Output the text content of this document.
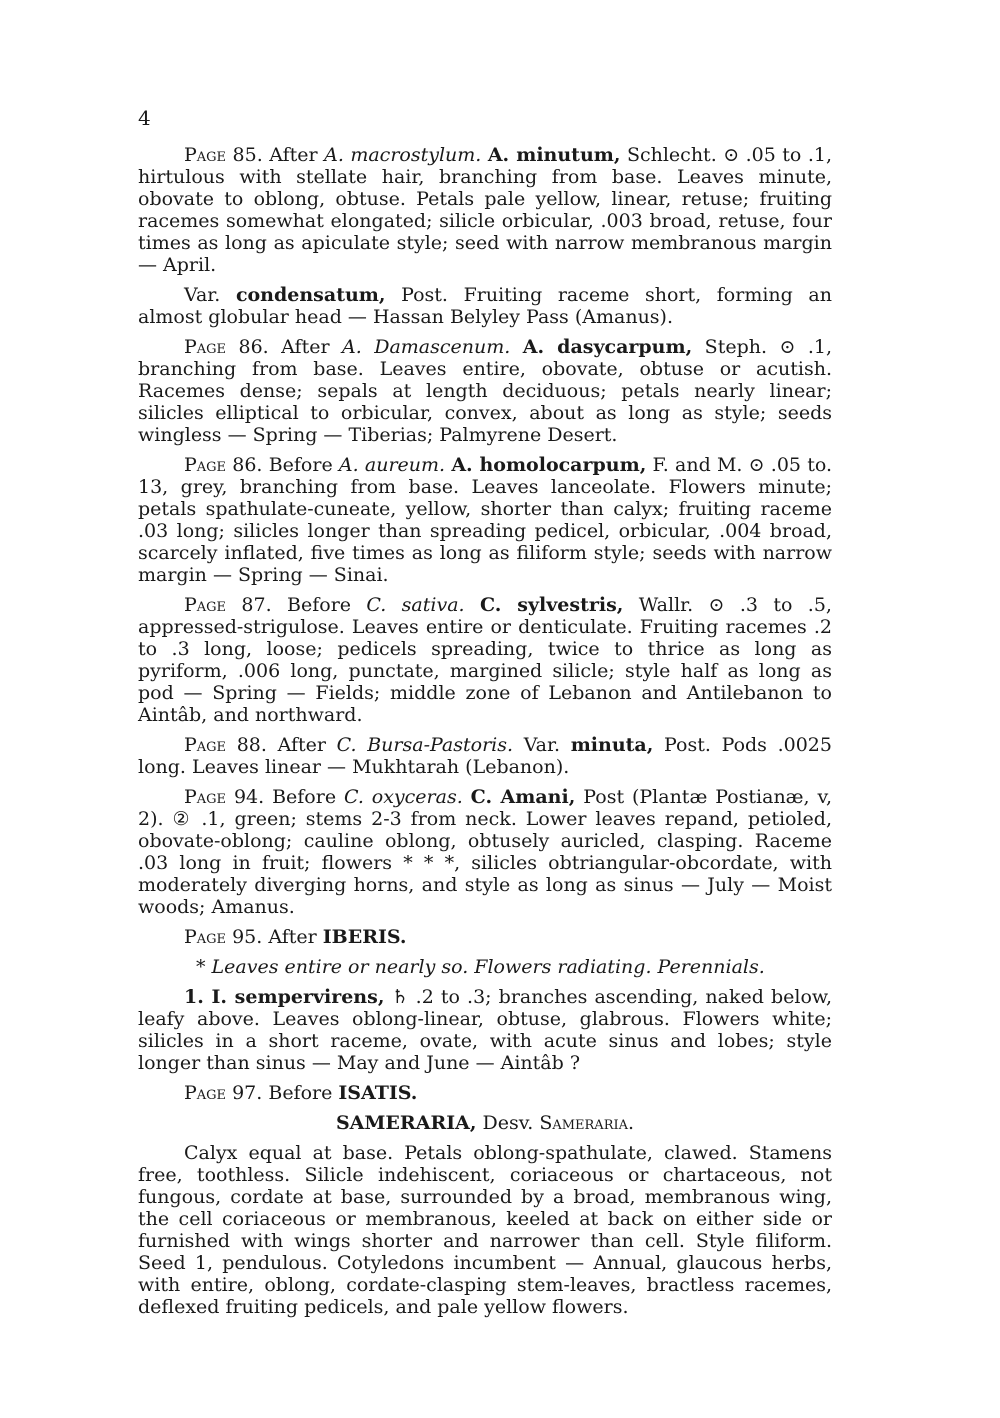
4

Page 85. After A. macrostylum. A. minutum, Schlecht. ⊙ .05 to .1, hirtulous with stellate hair, branching from base. Leaves minute, obovate to oblong, obtuse. Petals pale yellow, linear, retuse; fruiting racemes somewhat elongated; silicle orbicular, .003 broad, retuse, four times as long as apiculate style; seed with narrow membranous margin — April.

Var. condensatum, Post. Fruiting raceme short, forming an almost globular head — Hassan Belyley Pass (Amanus).

Page 86. After A. Damascenum. A. dasycarpum, Steph. ⊙ .1, branching from base. Leaves entire, obovate, obtuse or acutish. Racemes dense; sepals at length deciduous; petals nearly linear; silicles elliptical to orbicular, convex, about as long as style; seeds wingless — Spring — Tiberias; Palmyrene Desert.

Page 86. Before A. aureum. A. homolocarpum, F. and M. ⊙ .05 to. 13, grey, branching from base. Leaves lanceolate. Flowers minute; petals spathulate-cuneate, yellow, shorter than calyx; fruiting raceme .03 long; silicles longer than spreading pedicel, orbicular, .004 broad, scarcely inflated, five times as long as filiform style; seeds with narrow margin — Spring — Sinai.

Page 87. Before C. sativa. C. sylvestris, Wallr. ⊙ .3 to .5, appressed-strigulose. Leaves entire or denticulate. Fruiting racemes .2 to .3 long, loose; pedicels spreading, twice to thrice as long as pyriform, .006 long, punctate, margined silicle; style half as long as pod — Spring — Fields; middle zone of Lebanon and Antilebanon to Aintâb, and northward.

Page 88. After C. Bursa-Pastoris. Var. minuta, Post. Pods .0025 long. Leaves linear — Mukhtarah (Lebanon).

Page 94. Before C. oxyceras. C. Amani, Post (Plantæ Postianæ, v, 2). ② .1, green; stems 2-3 from neck. Lower leaves repand, petioled, obovate-oblong; cauline oblong, obtusely auricled, clasping. Raceme .03 long in fruit; flowers * * *, silicles obtriangular-obcordate, with moderately diverging horns, and style as long as sinus — July — Moist woods; Amanus.

Page 95. After IBERIS.

* Leaves entire or nearly so. Flowers radiating. Perennials.

1. I. sempervirens, ♄ .2 to .3; branches ascending, naked below, leafy above. Leaves oblong-linear, obtuse, glabrous. Flowers white; silicles in a short raceme, ovate, with acute sinus and lobes; style longer than sinus — May and June — Aintâb ?

Page 97. Before ISATIS.

SAMERARIA, Desv. Sameraria.

Calyx equal at base. Petals oblong-spathulate, clawed. Stamens free, toothless. Silicle indehiscent, coriaceous or chartaceous, not fungous, cordate at base, surrounded by a broad, membranous wing, the cell coriaceous or membranous, keeled at back on either side or furnished with wings shorter and narrower than cell. Style filiform. Seed 1, pendulous. Cotyledons incumbent — Annual, glaucous herbs, with entire, oblong, cordate-clasping stem-leaves, bractless racemes, deflexed fruiting pedicels, and pale yellow flowers.
